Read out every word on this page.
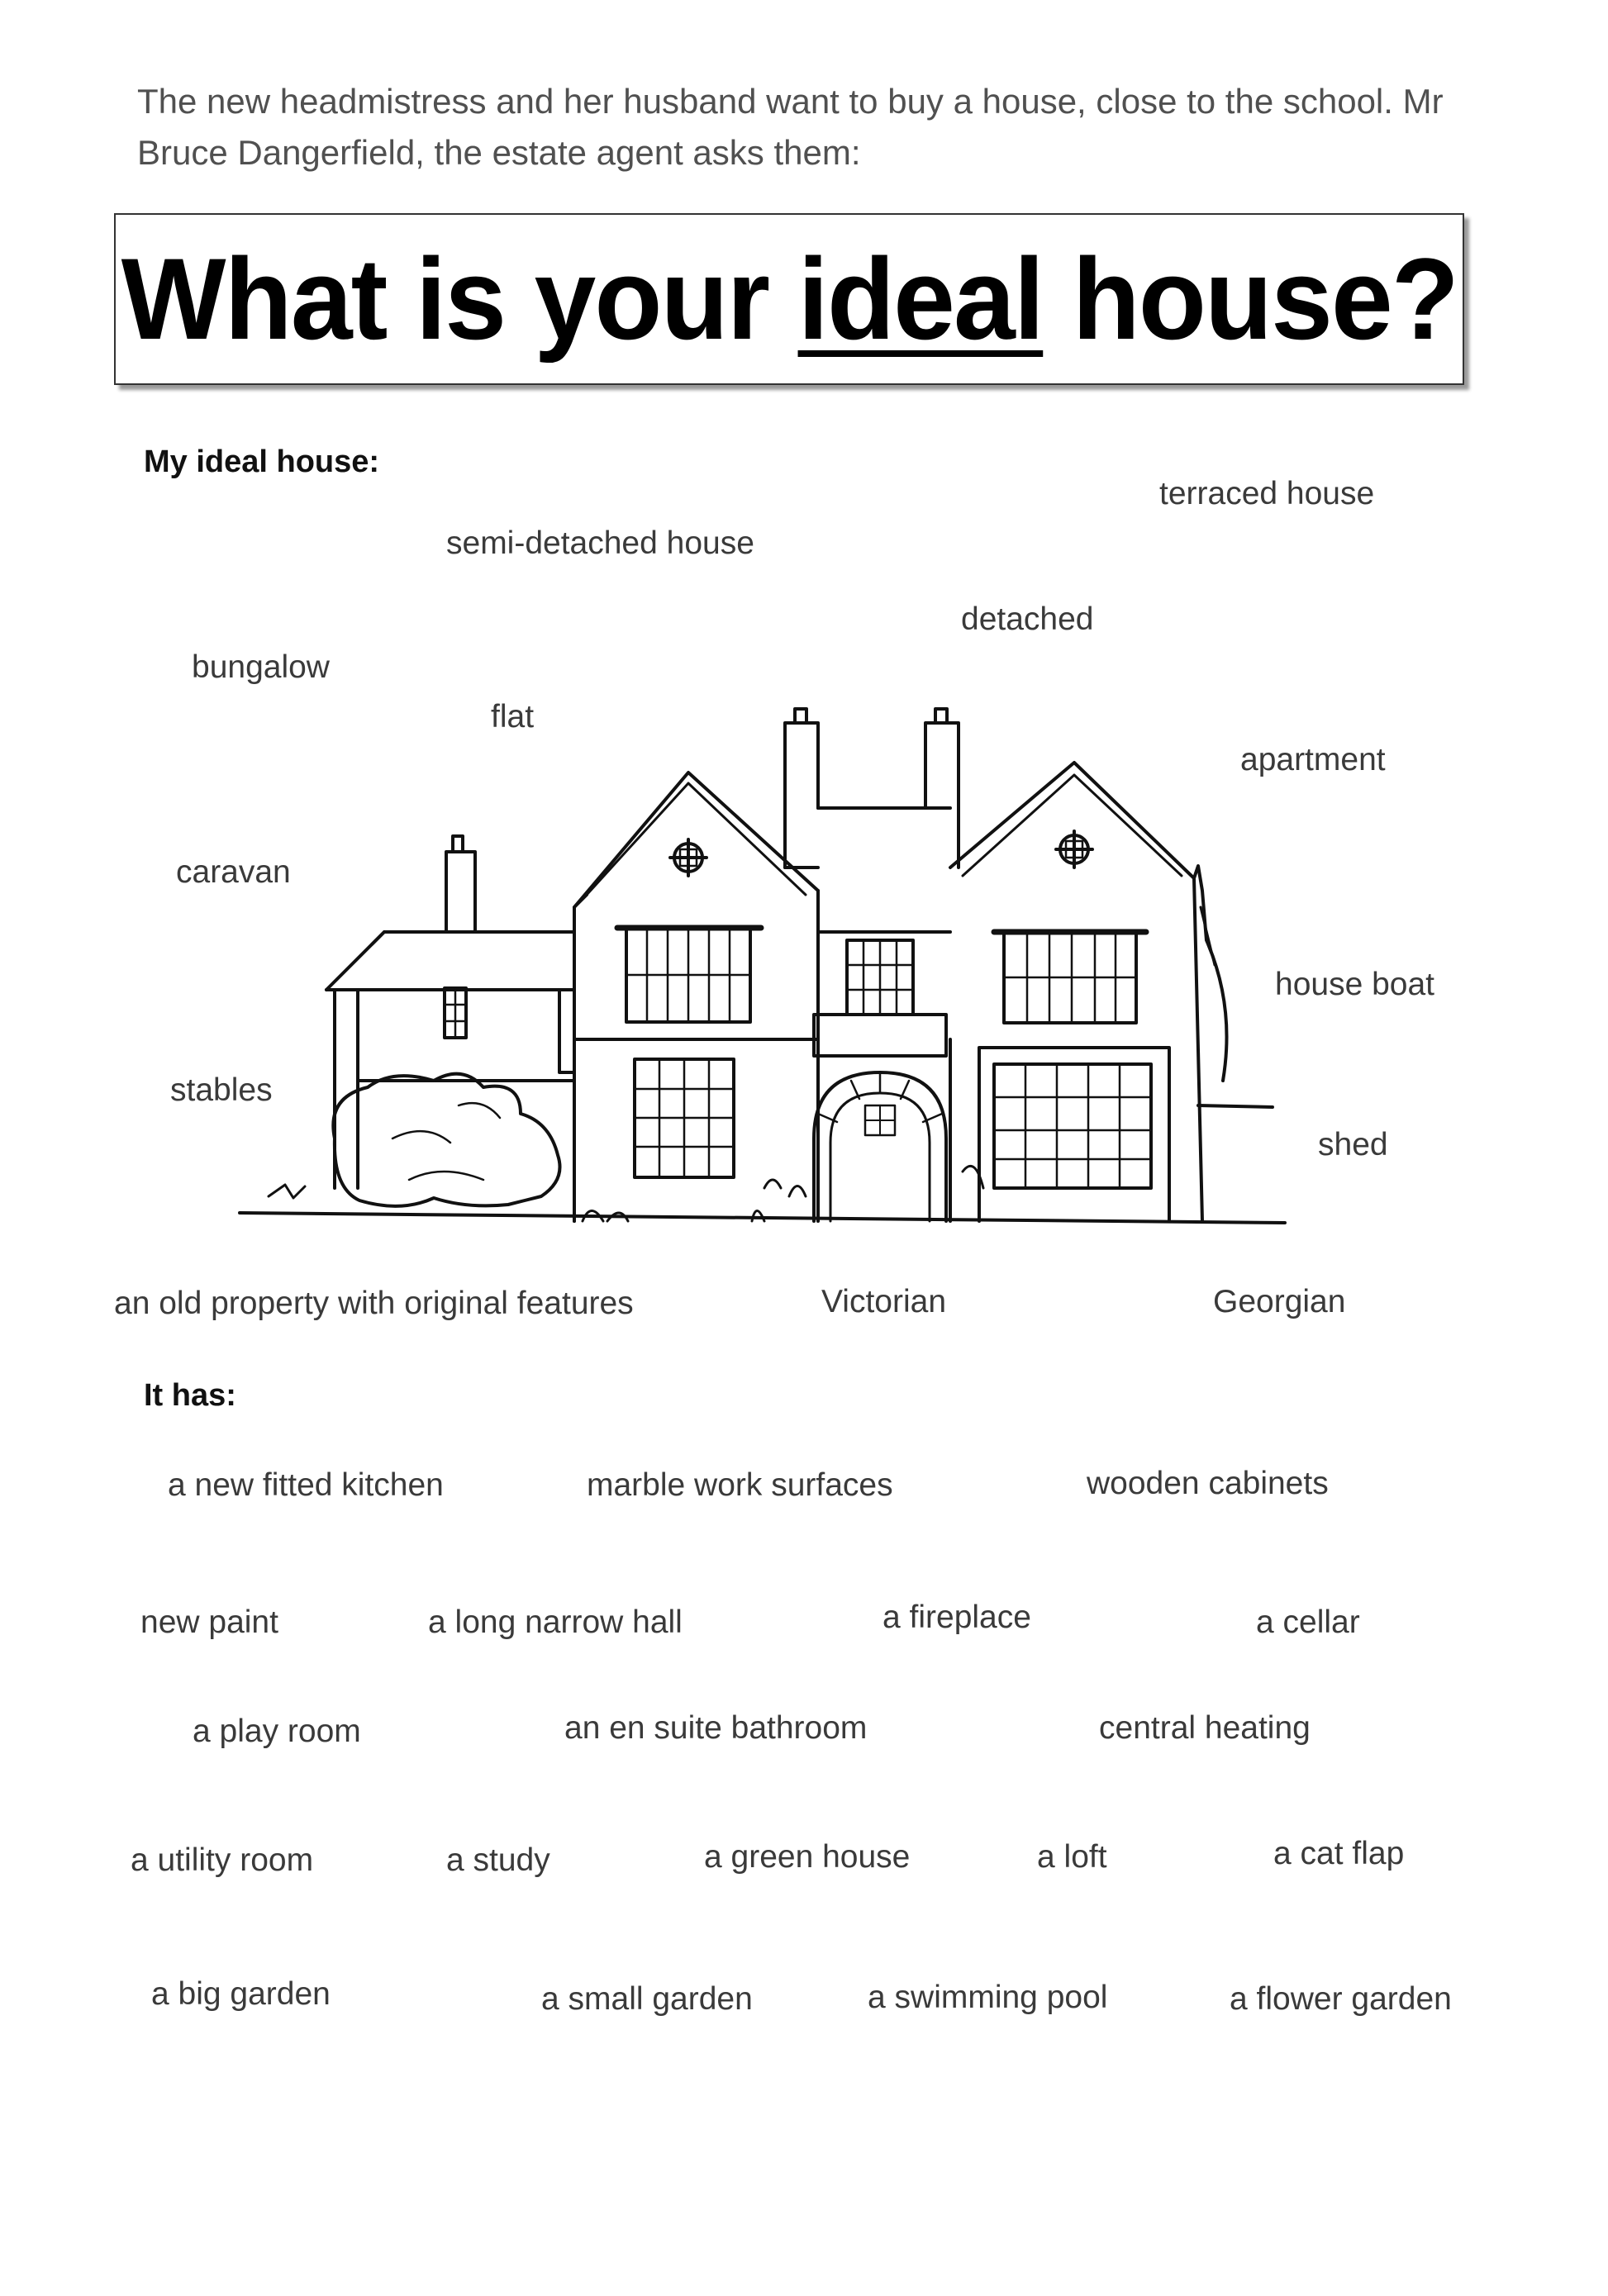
The new headmistress and her husband want to buy a house, close to the school. Mr Bruce Dangerfield, the estate agent asks them:

What is your ideal house?

My ideal house:

terraced house
semi-detached house
detached
bungalow
flat
apartment
caravan
house boat
stables
shed
an old property with original features	Victorian	Georgian

It has:

a new fitted kitchen	marble work surfaces	wooden cabinets
new paint	a long narrow hall	a fireplace	a cellar
a play room	an en suite bathroom	central heating
a utility room	a study	a green house	a loft	a cat flap
a big garden	a small garden	a swimming pool	a flower garden
